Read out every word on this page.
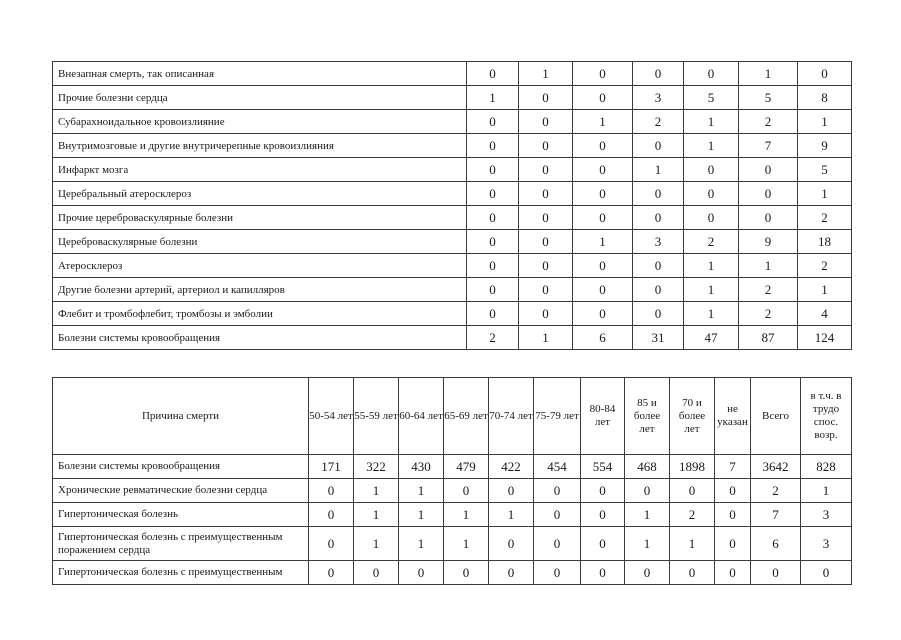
Внезапная смерть, так описанная	0	1	0	0	0	1	0
Прочие болезни сердца	1	0	0	3	5	5	8
Субарахноидальное кровоизлияние	0	0	1	2	1	2	1
Внутримозговые и другие внутричерепные кровоизлияния	0	0	0	0	1	7	9
Инфаркт мозга	0	0	0	1	0	0	5
Церебральный атеросклероз	0	0	0	0	0	0	1
Прочие цереброваскулярные болезни	0	0	0	0	0	0	2
Цереброваскулярные болезни	0	0	1	3	2	9	18
Атеросклероз	0	0	0	0	1	1	2
Другие болезни артерий, артериол и капилляров	0	0	0	0	1	2	1
Флебит и тромбофлебит, тромбозы и эмболии	0	0	0	0	1	2	4
Болезни системы кровообращения	2	1	6	31	47	87	124
Причина смерти	50-54 лет	55-59 лет	60-64 лет	65-69 лет	70-74 лет	75-79 лет	80-84 лет	85 и более лет	70 и более лет	не указан	Всего	в т.ч. в трудо спос. возр.
Болезни системы кровообращения	171	322	430	479	422	454	554	468	1898	7	3642	828
Хронические ревматические болезни сердца	0	1	1	0	0	0	0	0	0	0	2	1
Гипертоническая болезнь	0	1	1	1	1	0	0	1	2	0	7	3
Гипертоническая болезнь с преимущественным поражением сердца	0	1	1	1	0	0	0	1	1	0	6	3
Гипертоническая болезнь с преимущественным	0	0	0	0	0	0	0	0	0	0	0	0
